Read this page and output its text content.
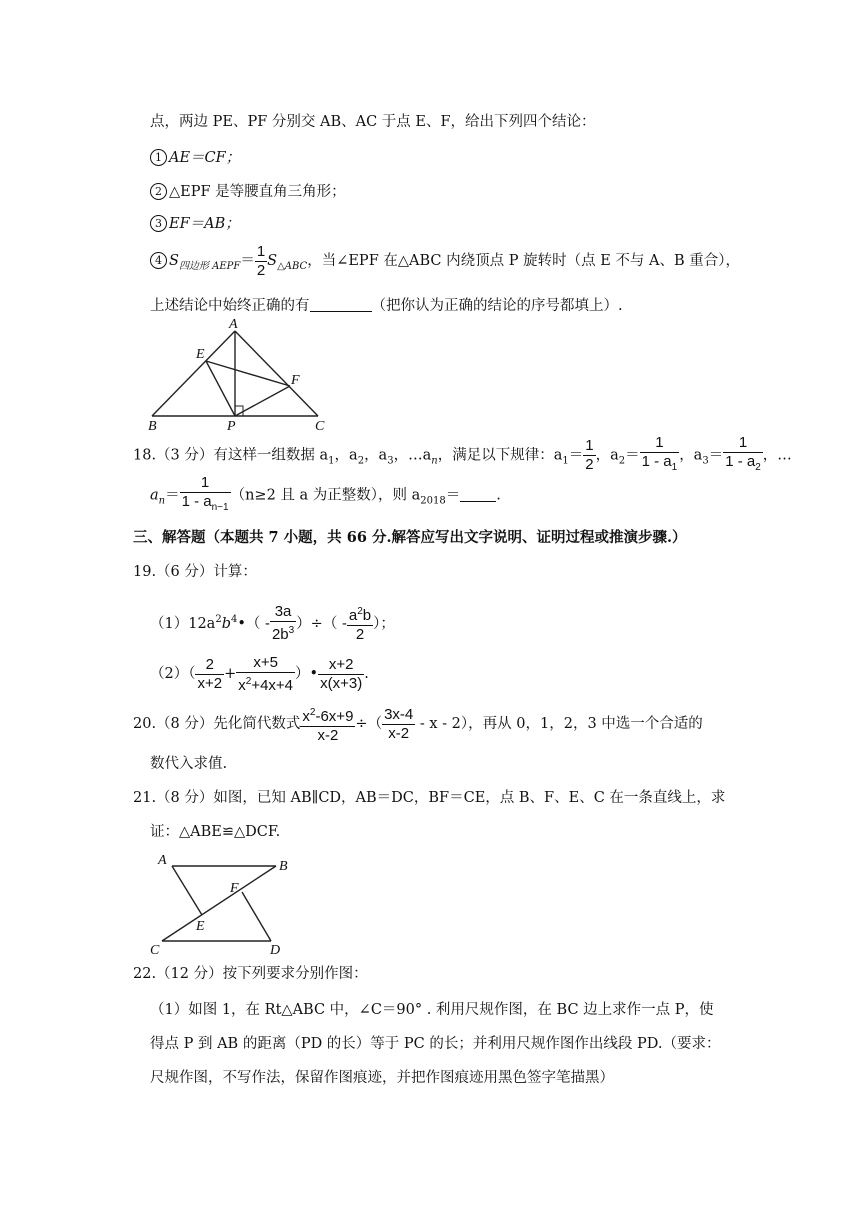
点，两边 PE、PF 分别交 AB、AC 于点 E、F，给出下列四个结论：
1 AE＝CF；
2 △EPF 是等腰直角三角形；
3 EF＝AB；
4 $S_{四边形 AEPF}= \frac{1}{2} S_{\triangle ABC}$，当∠EPF 在△ABC 内绕顶点 P 旋转时（点 E 不与 A、B 重合），
上述结论中始终正确的有	（把你认为正确的结论的序号都填上）.
A
E
F
B	P	C
18.（3 分）有这样一组数据 $a_1$，$a_2$，$a_3$，$\dots a_n$，满足以下规律：$a_1= \frac{1}{2}$ ，$a_2= \frac{1}{1 - a_1}$ ，$a_3= \frac{1}{1 - a_2}$ ，…
$a_n= \frac{1}{1 - a_{n-1}} (n\ge 2$ 且 a 为正整数），则 $a_{2018}=$ .
三、解答题（本题共 7 小题，共 66 分.解答应写出文字说明、证明过程或推演步骤.）
19.（6 分）计算：
$(1)12a^2b^4•( - \frac{3a}{2b^3}$ ）÷（ - $\frac{a^2b}{2}$ ）；
$(2)( \frac{2}{x+2} + \frac{x+5}{x^2+4x+4}$ ）• $\frac{x+2}{x(x+3)}$ .
20.（8 分）先化简代数式 $\frac{x^2-6x+9}{x-2}$ ÷（ $\frac{3x-4}{x-2}$ - x - 2），再从 0，1，2，3 中选一个合适的
数代入求值.
21.（8 分）如图，已知 AB∥CD，AB＝DC，BF＝CE，点 B、F、E、C 在一条直线上，求
证：△ABE≌△DCF.
A	B
F
E
C	D
22.（12 分）按下列要求分别作图：
（1）如图 1，在 Rt△ABC 中，∠C＝90° . 利用尺规作图，在 BC 边上求作一点 P，使
得点 P 到 AB 的距离（PD 的长）等于 PC 的长；并利用尺规作图作出线段 PD.（要求：
尺规作图，不写作法，保留作图痕迹，并把作图痕迹用黑色签字笔描黑）
